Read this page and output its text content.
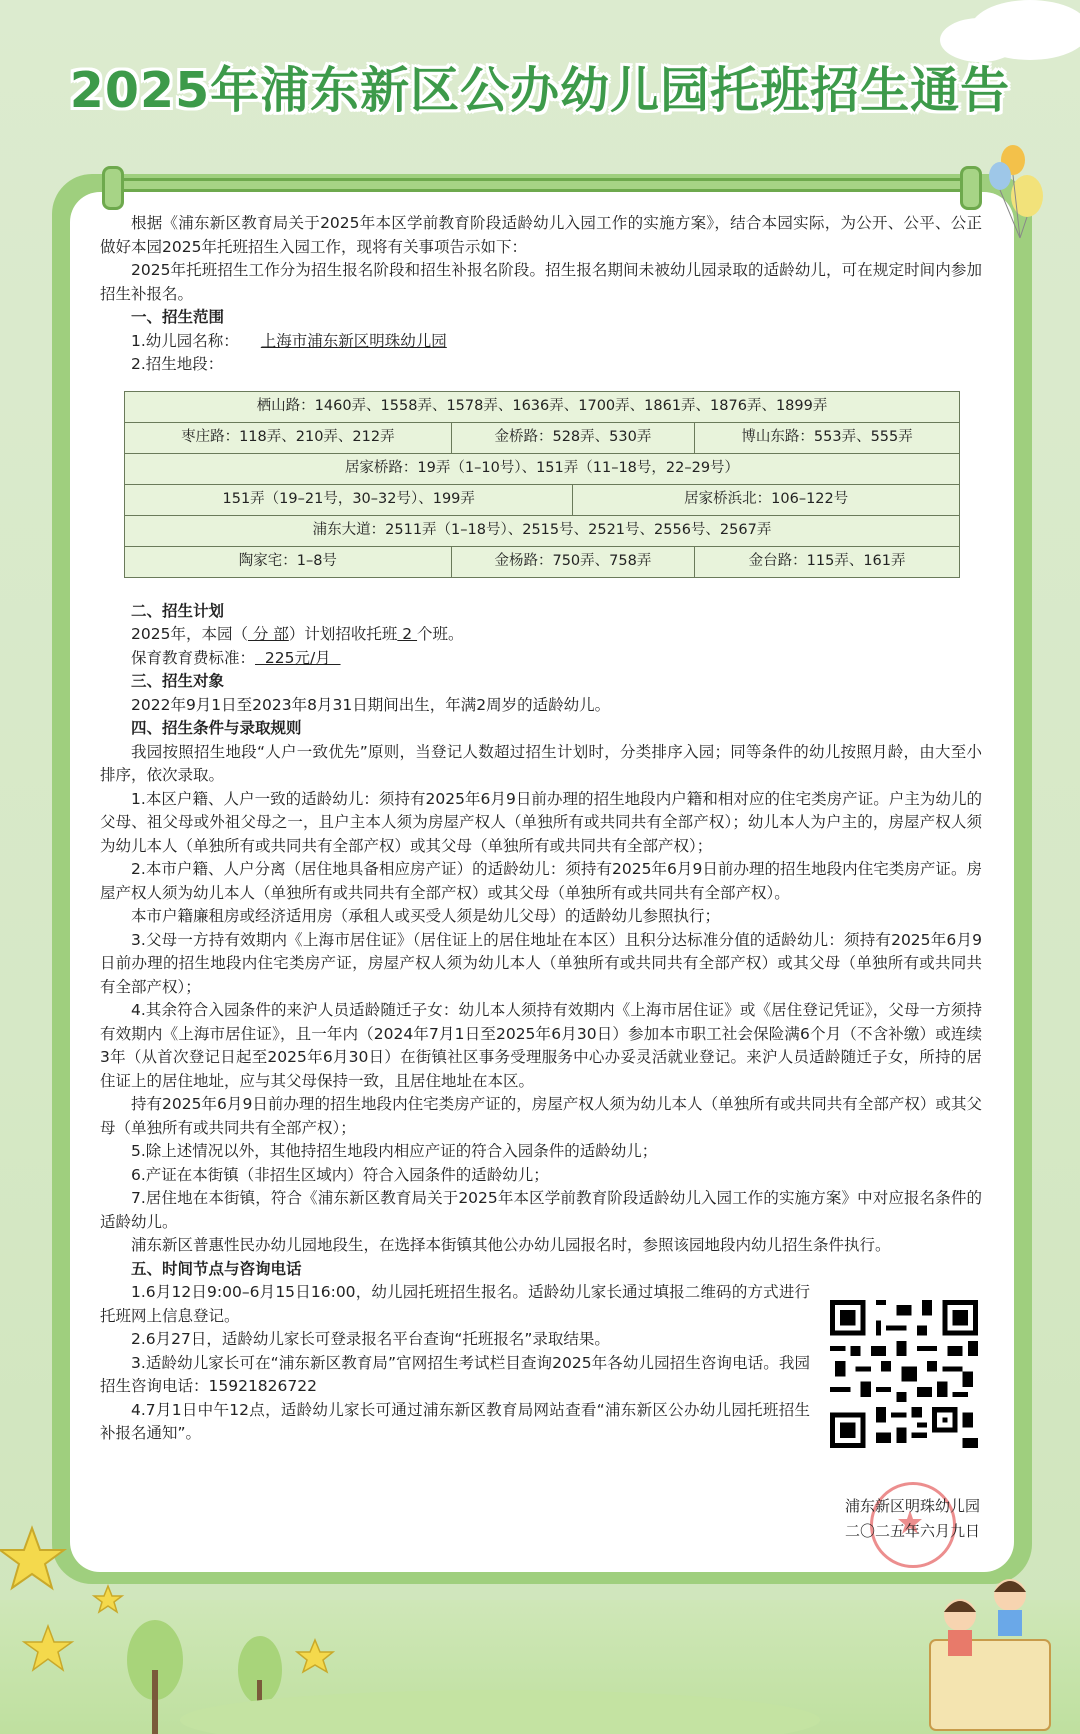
2025年浦东新区公办幼儿园托班招生通告

根据《浦东新区教育局关于2025年本区学前教育阶段适龄幼儿入园工作的实施方案》，结合本园实际，为公开、公平、公正做好本园2025年托班招生入园工作，现将有关事项告示如下：

2025年托班招生工作分为招生报名阶段和招生补报名阶段。招生报名期间未被幼儿园录取的适龄幼儿，可在规定时间内参加招生补报名。

一、招生范围

1.幼儿园名称： 上海市浦东新区明珠幼儿园

2.招生地段：

栖山路：1460弄、1558弄、1578弄、1636弄、1700弄、1861弄、1876弄、1899弄			
枣庄路：118弄、210弄、212弄	金桥路：528弄、530弄		博山东路：553弄、555弄
居家桥路：19弄（1–10号）、151弄（11–18号，22–29号）			
151弄（19–21号，30–32号）、199弄		居家桥浜北：106–122号	
浦东大道：2511弄（1–18号）、2515号、2521号、2556号、2567弄			
陶家宅：1–8号	金杨路：750弄、758弄		金台路：115弄、161弄

二、招生计划

2025年，本园（ 分 部）计划招收托班 2 个班。

保育教育费标准：  225元/月

三、招生对象

2022年9月1日至2023年8月31日期间出生，年满2周岁的适龄幼儿。

四、招生条件与录取规则

我园按照招生地段“人户一致优先”原则，当登记人数超过招生计划时，分类排序入园；同等条件的幼儿按照月龄，由大至小排序，依次录取。

1.本区户籍、人户一致的适龄幼儿：须持有2025年6月9日前办理的招生地段内户籍和相对应的住宅类房产证。户主为幼儿的父母、祖父母或外祖父母之一，且户主本人须为房屋产权人（单独所有或共同共有全部产权）；幼儿本人为户主的，房屋产权人须为幼儿本人（单独所有或共同共有全部产权）或其父母（单独所有或共同共有全部产权）；

2.本市户籍、人户分离（居住地具备相应房产证）的适龄幼儿：须持有2025年6月9日前办理的招生地段内住宅类房产证。房屋产权人须为幼儿本人（单独所有或共同共有全部产权）或其父母（单独所有或共同共有全部产权）。

本市户籍廉租房或经济适用房（承租人或买受人须是幼儿父母）的适龄幼儿参照执行；

3.父母一方持有效期内《上海市居住证》（居住证上的居住地址在本区）且积分达标准分值的适龄幼儿：须持有2025年6月9日前办理的招生地段内住宅类房产证，房屋产权人须为幼儿本人（单独所有或共同共有全部产权）或其父母（单独所有或共同共有全部产权）；

4.其余符合入园条件的来沪人员适龄随迁子女：幼儿本人须持有效期内《上海市居住证》或《居住登记凭证》，父母一方须持有效期内《上海市居住证》，且一年内（2024年7月1日至2025年6月30日）参加本市职工社会保险满6个月（不含补缴）或连续3年（从首次登记日起至2025年6月30日）在街镇社区事务受理服务中心办妥灵活就业登记。来沪人员适龄随迁子女，所持的居住证上的居住地址，应与其父母保持一致，且居住地址在本区。

持有2025年6月9日前办理的招生地段内住宅类房产证的，房屋产权人须为幼儿本人（单独所有或共同共有全部产权）或其父母（单独所有或共同共有全部产权）；

5.除上述情况以外，其他持招生地段内相应产证的符合入园条件的适龄幼儿；

6.产证在本街镇（非招生区域内）符合入园条件的适龄幼儿；

7.居住地在本街镇，符合《浦东新区教育局关于2025年本区学前教育阶段适龄幼儿入园工作的实施方案》中对应报名条件的适龄幼儿。

浦东新区普惠性民办幼儿园地段生，在选择本街镇其他公办幼儿园报名时，参照该园地段内幼儿招生条件执行。

五、时间节点与咨询电话

1.6月12日9:00–6月15日16:00，幼儿园托班招生报名。适龄幼儿家长通过填报二维码的方式进行托班网上信息登记。

2.6月27日，适龄幼儿家长可登录报名平台查询“托班报名”录取结果。

3.适龄幼儿家长可在“浦东新区教育局”官网招生考试栏目查询2025年各幼儿园招生咨询电话。我园招生咨询电话：15921826722

4.7月1日中午12点，适龄幼儿家长可通过浦东新区教育局网站查看“浦东新区公办幼儿园托班招生补报名通知”。

浦东新区明珠幼儿园
二〇二五年六月九日
